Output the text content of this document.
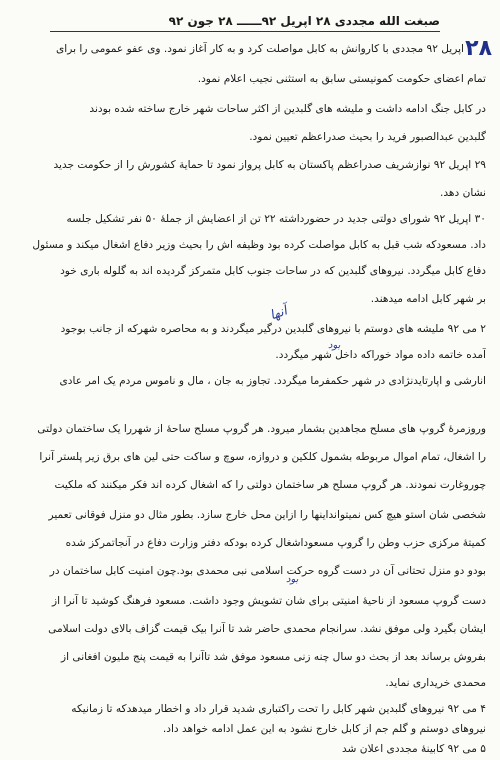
صبغت الله مجددی ۲۸ اپریل ۹۲ــــــ ۲۸ جون ۹۲
۲۸
اپریل ۹۲ مجددی با کاروانش به کابل مواصلت کرد و به کار آغاز نمود. وی عفو عمومی را برای
تمام اعضای حکومت کمونیستی سابق به استثنی نجیب اعلام نمود.
در کابل جنگ ادامه داشت و ملیشه های گلبدین از اکثر ساحات شهر خارج ساخته شده بودند
گلبدین عبدالصبور فرید را بحیث صدراعظم تعیین نمود.
۲۹ اپریل ۹۲ نوازشریف صدراعظم پاکستان به کابل پرواز نمود تا حمایة کشورش را از حکومت جدید
نشان دهد.
۳۰ اپریل ۹۲ شورای دولتی جدید در حضورداشته ۲۲ تن از اعضایش از جملهٔ ۵۰ نفر تشکیل جلسه
داد. مسعودکه شب قبل به کابل مواصلت کرده بود وظیفه اش را بحیث وزیر دفاع اشغال میکند و مسئول
دفاع کابل میگردد. نیروهای گلبدین که در ساحات جنوب کابل متمرکز گردیده اند به گلوله باری خود
بر شهر کابل ادامه میدهند.
۲ می ۹۲ ملیشه های دوستم با نیروهای گلبدین درگیر میگردند و به محاصره شهرکه از جانب بوجود
آمده خاتمه داده مواد خوراکه داخل شهر میگردد.
انارشی و اپارتایدنژادی در شهر حکمفرما میگردد. تجاوز به جان ، مال و ناموس مردم یک امر عادی
وروزمرهٔ گروپ های مسلح مجاهدین بشمار میرود. هر گروپ مسلح ساحهٔ از شهررا یک ساختمان دولتی
را اشغال، تمام اموال مربوطه بشمول کلکین و دروازه، سوچ و ساکت حتی لین های برق زیر پلستر آنرا
چوروغارت نمودند. هر گروپ مسلح هر ساختمان دولتی را که اشغال کرده اند فکر میکنند که ملکیت
شخصی شان استو هیچ کس نمیتوانداینها را ازاین محل خارج سازد. بطور مثال دو منزل فوقانی تعمیر
کمیتهٔ مرکزی حزب وطن را گروپ مسعوداشغال کرده بودکه دفتر وزارت دفاع در آنجاتمرکز شده
بودو دو منزل تحتانی آن در دست گروه حرکت اسلامی نبی محمدی بود.چون امنیت کابل ساختمان در
دست گروپ مسعود از ناحیهٔ امنیتی برای شان تشویش وجود داشت. مسعود فرهنگ کوشید تا آنرا از
ایشان بگیرد ولی موفق نشد. سرانجام محمدی حاضر شد تا آنرا بیک قیمت گزاف بالای دولت اسلامی
بفروش برساند بعد از بحث دو سال چنه زنی مسعود موفق شد تاآنرا به قیمت پنج ملیون افغانی از
محمدی خریداری نماید.
۴ می ۹۲ نیروهای گلبدین شهر کابل را تحت راکتباری شدید قرار داد و اخطار میدهدکه تا زمانیکه
نیروهای دوستم و گلم جم از کابل خارج نشود به این عمل ادامه خواهد داد.
۵ می ۹۲ کابینهٔ مجددی اعلان شد
آنها
بود
بود
